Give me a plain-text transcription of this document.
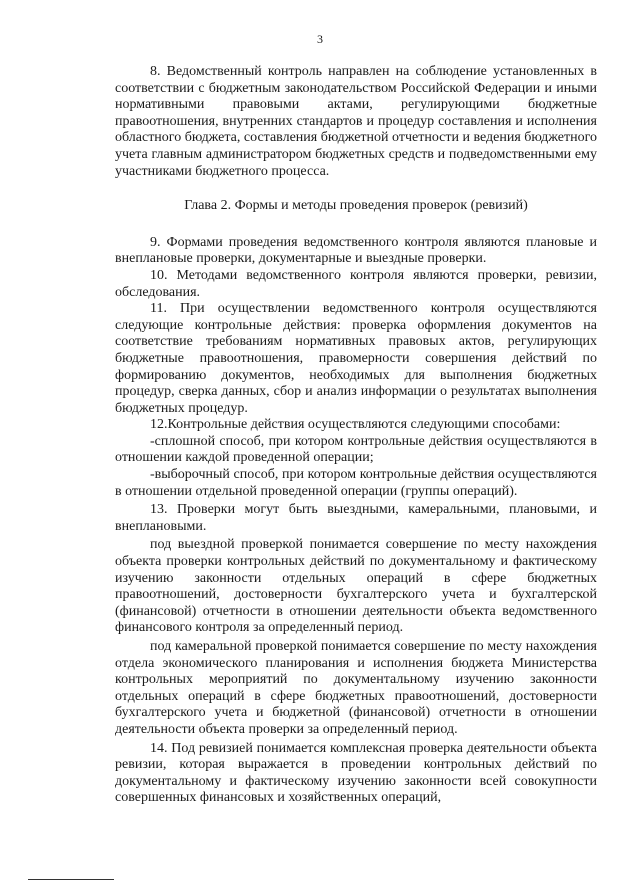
3

8. Ведомственный контроль направлен на соблюдение установленных в соответствии с бюджетным законодательством Российской Федерации и иными нормативными правовыми актами, регулирующими бюджетные правоотношения, внутренних стандартов и процедур составления и исполнения областного бюджета, составления бюджетной отчетности и ведения бюджетного учета главным администратором бюджетных средств и подведомственными ему участниками бюджетного процесса.

Глава 2. Формы и методы проведения проверок (ревизий)

9. Формами проведения ведомственного контроля являются плановые и внеплановые проверки, документарные и выездные проверки.

10. Методами ведомственного контроля являются проверки, ревизии, обследования.

11. При осуществлении ведомственного контроля осуществляются следующие контрольные действия: проверка оформления документов на соответствие требованиям нормативных правовых актов, регулирующих бюджетные правоотношения, правомерности совершения действий по формированию документов, необходимых для выполнения бюджетных процедур, сверка данных, сбор и анализ информации о результатах выполнения бюджетных процедур.

12.Контрольные действия осуществляются следующими способами:

-сплошной способ, при котором контрольные действия осуществляются в отношении каждой проведенной операции;

-выборочный способ, при котором контрольные действия осуществляются в отношении отдельной проведенной операции (группы операций).

13. Проверки могут быть выездными, камеральными, плановыми, и внеплановыми.

под выездной проверкой понимается совершение по месту нахождения объекта проверки контрольных действий по документальному и фактическому изучению законности отдельных операций в сфере бюджетных правоотношений, достоверности бухгалтерского учета и бухгалтерской (финансовой) отчетности в отношении деятельности объекта ведомственного финансового контроля за определенный период.

под камеральной проверкой понимается совершение по месту нахождения отдела экономического планирования и исполнения бюджета Министерства контрольных мероприятий по документальному изучению законности отдельных операций в сфере бюджетных правоотношений, достоверности бухгалтерского учета и бюджетной (финансовой) отчетности в отношении деятельности объекта проверки за определенный период.

14. Под ревизией понимается комплексная проверка деятельности объекта ревизии, которая выражается в проведении контрольных действий по документальному и фактическому изучению законности всей совокупности совершенных финансовых и хозяйственных операций,
